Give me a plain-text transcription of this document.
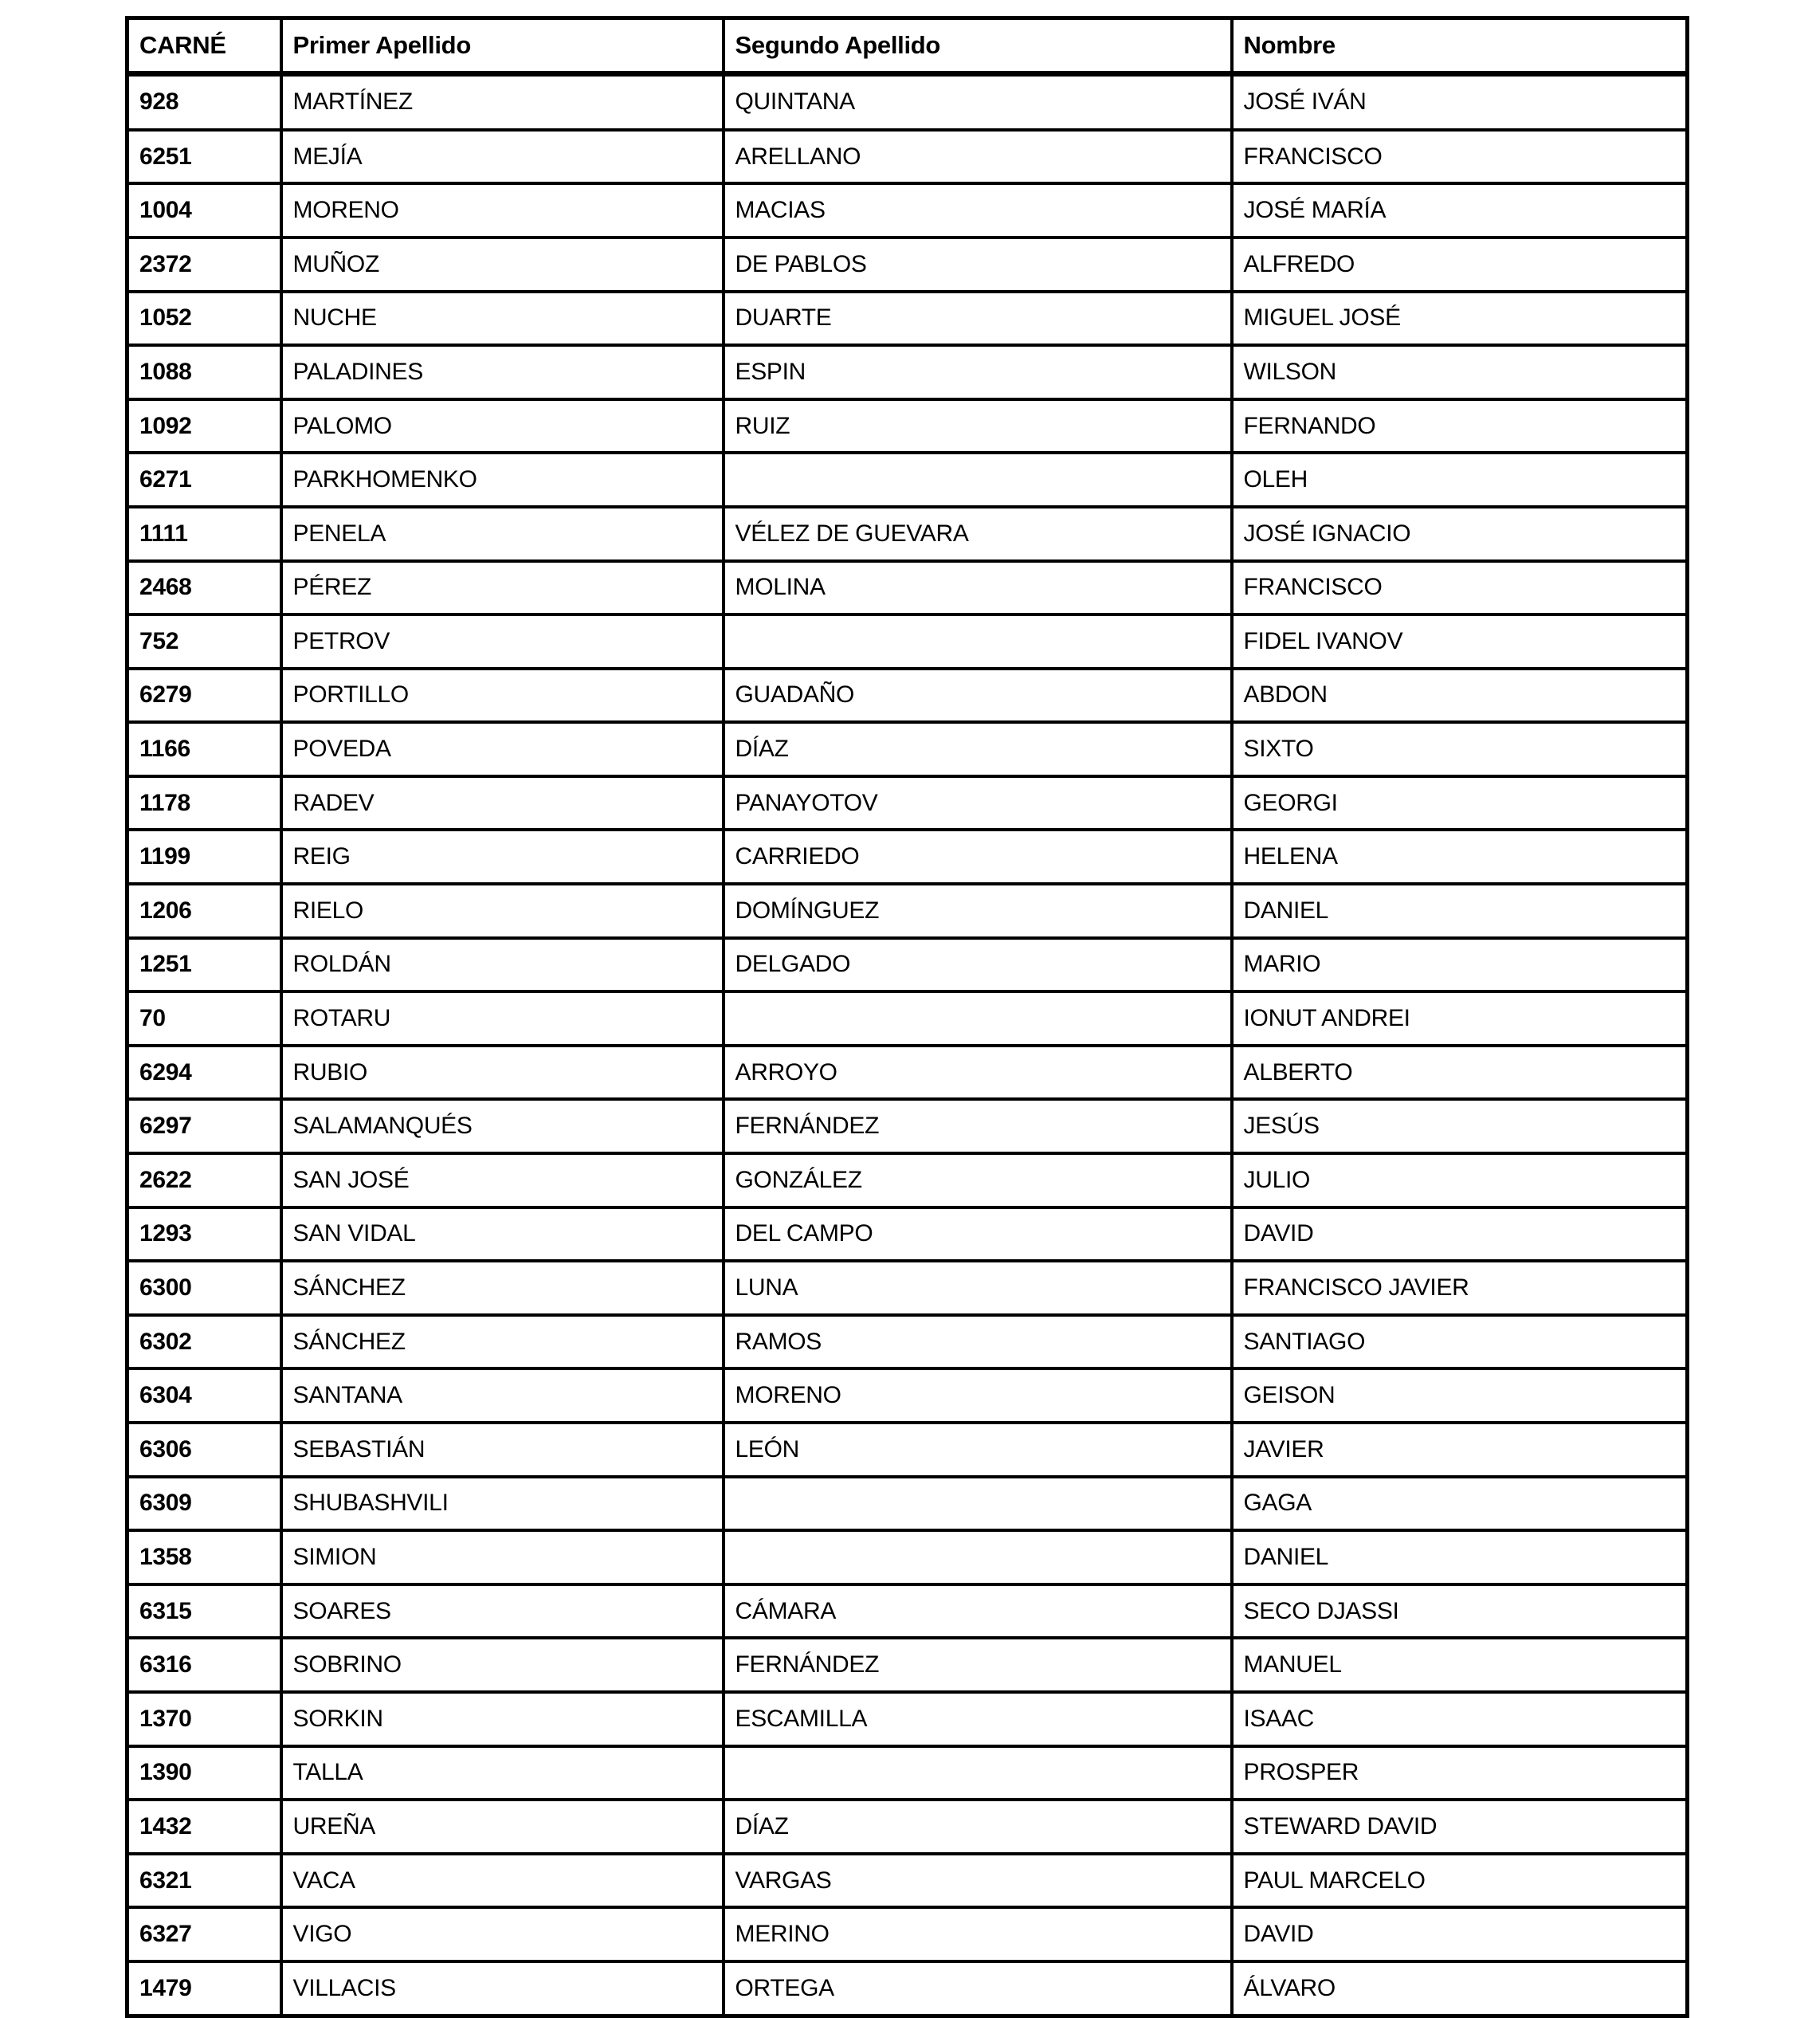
CARNÉ	Primer Apellido	Segundo Apellido	Nombre
928	MARTÍNEZ	QUINTANA	JOSÉ IVÁN
6251	MEJÍA	ARELLANO	FRANCISCO
1004	MORENO	MACIAS	JOSÉ MARÍA
2372	MUÑOZ	DE PABLOS	ALFREDO
1052	NUCHE	DUARTE	MIGUEL JOSÉ
1088	PALADINES	ESPIN	WILSON
1092	PALOMO	RUIZ	FERNANDO
6271	PARKHOMENKO		OLEH
1111	PENELA	VÉLEZ DE GUEVARA	JOSÉ IGNACIO
2468	PÉREZ	MOLINA	FRANCISCO
752	PETROV		FIDEL IVANOV
6279	PORTILLO	GUADAÑO	ABDON
1166	POVEDA	DÍAZ	SIXTO
1178	RADEV	PANAYOTOV	GEORGI
1199	REIG	CARRIEDO	HELENA
1206	RIELO	DOMÍNGUEZ	DANIEL
1251	ROLDÁN	DELGADO	MARIO
70	ROTARU		IONUT ANDREI
6294	RUBIO	ARROYO	ALBERTO
6297	SALAMANQUÉS	FERNÁNDEZ	JESÚS
2622	SAN JOSÉ	GONZÁLEZ	JULIO
1293	SAN VIDAL	DEL CAMPO	DAVID
6300	SÁNCHEZ	LUNA	FRANCISCO JAVIER
6302	SÁNCHEZ	RAMOS	SANTIAGO
6304	SANTANA	MORENO	GEISON
6306	SEBASTIÁN	LEÓN	JAVIER
6309	SHUBASHVILI		GAGA
1358	SIMION		DANIEL
6315	SOARES	CÁMARA	SECO DJASSI
6316	SOBRINO	FERNÁNDEZ	MANUEL
1370	SORKIN	ESCAMILLA	ISAAC
1390	TALLA		PROSPER
1432	UREÑA	DÍAZ	STEWARD DAVID
6321	VACA	VARGAS	PAUL MARCELO
6327	VIGO	MERINO	DAVID
1479	VILLACIS	ORTEGA	ÁLVARO
